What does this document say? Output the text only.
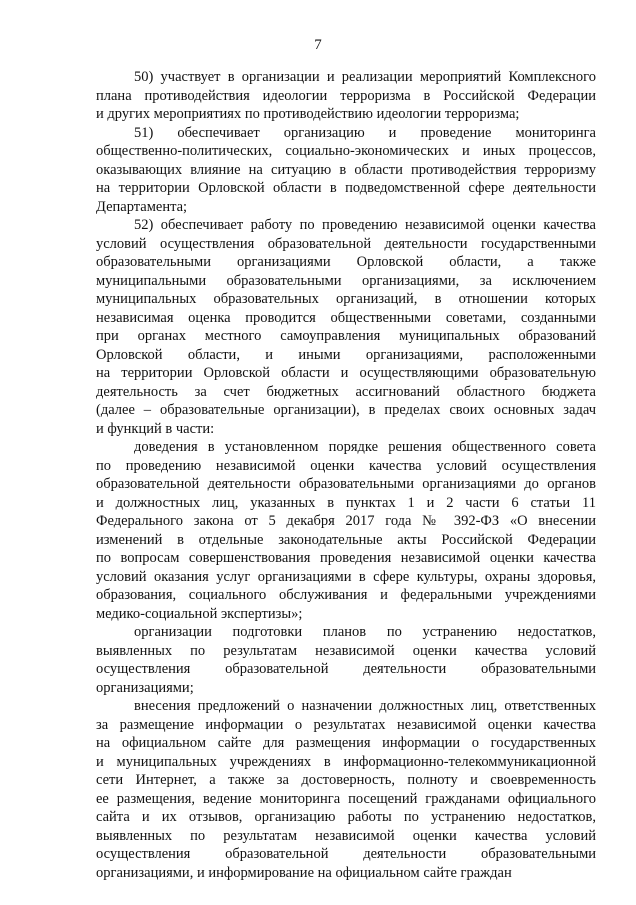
7
50) участвует в организации и реализации мероприятий Комплексного
плана противодействия идеологии терроризма в Российской Федерации
и других мероприятиях по противодействию идеологии терроризма;
51) обеспечивает организацию и проведение мониторинга
общественно-политических, социально-экономических и иных процессов,
оказывающих влияние на ситуацию в области противодействия терроризму
на территории Орловской области в подведомственной сфере деятельности
Департамента;
52) обеспечивает работу по проведению независимой оценки качества
условий осуществления образовательной деятельности государственными
образовательными организациями Орловской области, а также
муниципальными образовательными организациями, за исключением
муниципальных образовательных организаций, в отношении которых
независимая оценка проводится общественными советами, созданными
при органах местного самоуправления муниципальных образований
Орловской области, и иными организациями, расположенными
на территории Орловской области и осуществляющими образовательную
деятельность за счет бюджетных ассигнований областного бюджета
(далее – образовательные организации), в пределах своих основных задач
и функций в части:
доведения в установленном порядке решения общественного совета
по проведению независимой оценки качества условий осуществления
образовательной деятельности образовательными организациями до органов
и должностных лиц, указанных в пунктах 1 и 2 части 6 статьи 11
Федерального закона от 5 декабря 2017 года № 392-ФЗ «О внесении
изменений в отдельные законодательные акты Российской Федерации
по вопросам совершенствования проведения независимой оценки качества
условий оказания услуг организациями в сфере культуры, охраны здоровья,
образования, социального обслуживания и федеральными учреждениями
медико-социальной экспертизы»;
организации подготовки планов по устранению недостатков,
выявленных по результатам независимой оценки качества условий
осуществления образовательной деятельности образовательными
организациями;
внесения предложений о назначении должностных лиц, ответственных
за размещение информации о результатах независимой оценки качества
на официальном сайте для размещения информации о государственных
и муниципальных учреждениях в информационно-телекоммуникационной
сети Интернет, а также за достоверность, полноту и своевременность
ее размещения, ведение мониторинга посещений гражданами официального
сайта и их отзывов, организацию работы по устранению недостатков,
выявленных по результатам независимой оценки качества условий
осуществления образовательной деятельности образовательными
организациями, и информирование на официальном сайте граждан
